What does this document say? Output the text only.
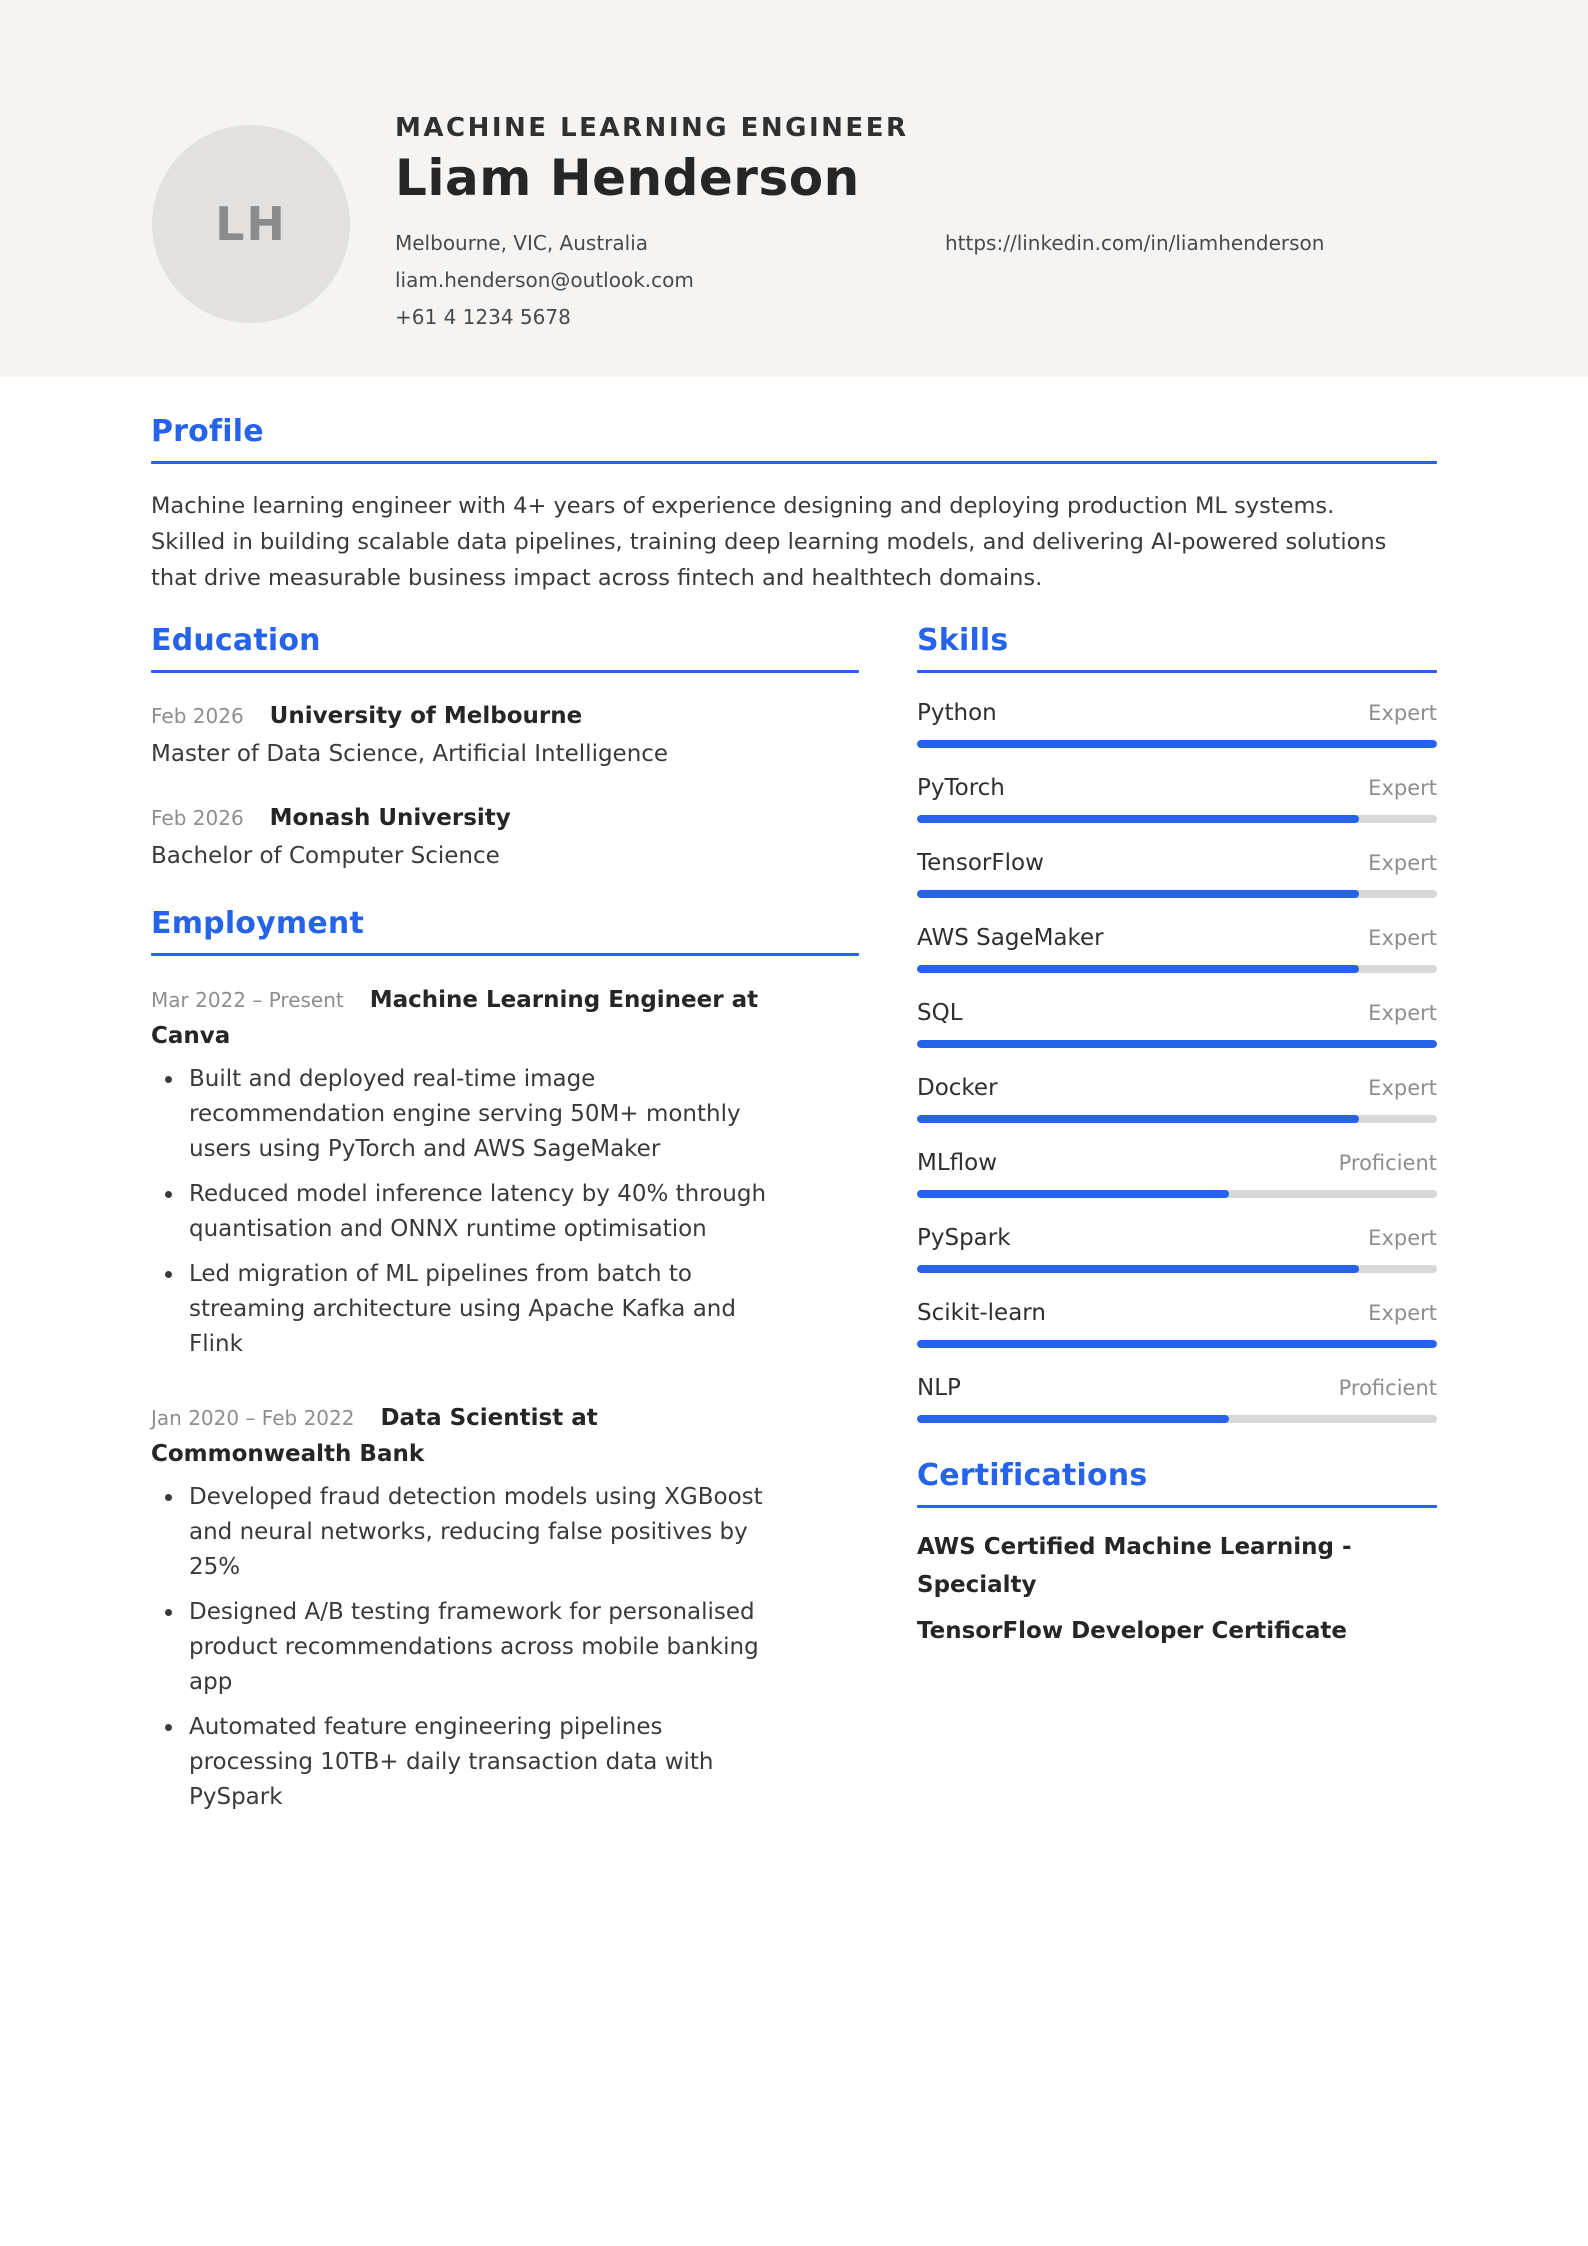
LH
MACHINE LEARNING ENGINEER
Liam Henderson
Melbourne, VIC, Australia
liam.henderson@outlook.com
+61 4 1234 5678
https://linkedin.com/in/liamhenderson
Profile

Machine learning engineer with 4+ years of experience designing and deploying production ML systems. Skilled in building scalable data pipelines, training deep learning models, and delivering AI-powered solutions that drive measurable business impact across fintech and healthtech domains.

Education
Feb 2026 University of Melbourne
Master of Data Science, Artificial Intelligence
Feb 2026 Monash University
Bachelor of Computer Science
Employment
Mar 2022 – Present Machine Learning Engineer at Canva
Built and deployed real-time image recommendation engine serving 50M+ monthly users using PyTorch and AWS SageMaker
Reduced model inference latency by 40% through quantisation and ONNX runtime optimisation
Led migration of ML pipelines from batch to streaming architecture using Apache Kafka and Flink
Jan 2020 – Feb 2022 Data Scientist at Commonwealth Bank
Developed fraud detection models using XGBoost and neural networks, reducing false positives by 25%
Designed A/B testing framework for personalised product recommendations across mobile banking app
Automated feature engineering pipelines processing 10TB+ daily transaction data with PySpark
Skills
Python	Expert
PyTorch	Expert
TensorFlow	Expert
AWS SageMaker	Expert
SQL	Expert
Docker	Expert
MLflow	Proficient
PySpark	Expert
Scikit-learn	Expert
NLP	Proficient
Certifications
AWS Certified Machine Learning - Specialty
TensorFlow Developer Certificate
